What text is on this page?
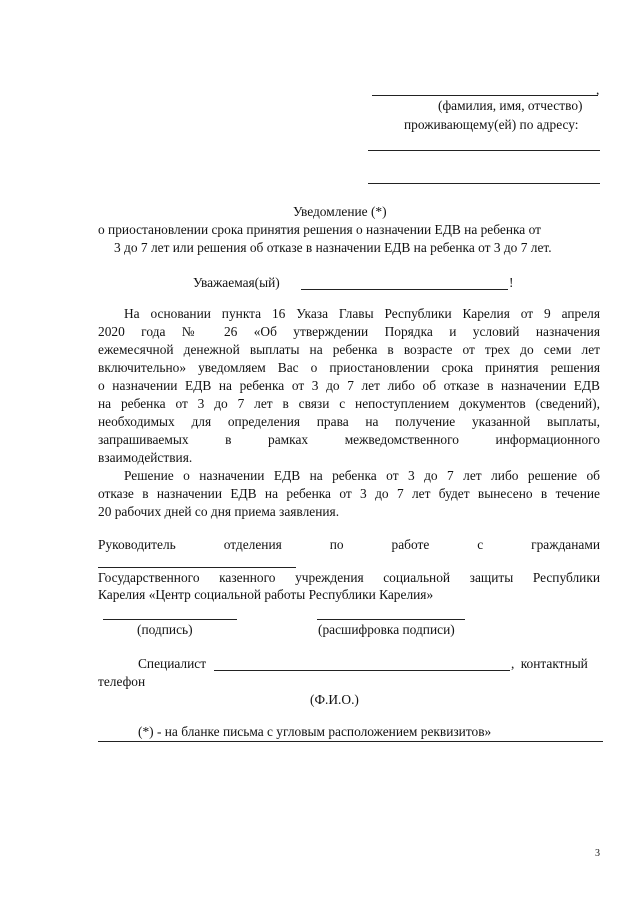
,
(фамилия, имя, отчество)
проживающему(ей) по адресу:
Уведомление (*)
о приостановлении срока принятия решения о назначении ЕДВ на ребенка от
3 до 7 лет или решения об отказе в назначении ЕДВ на ребенка от 3 до 7 лет.
Уважаемая(ый)	!
На основании пункта 16 Указа Главы Республики Карелия от 9 апреля
2020 года № 26 «Об утверждении Порядка и условий назначения
ежемесячной денежной выплаты на ребенка в возрасте от трех до семи лет
включительно» уведомляем Вас о приостановлении срока принятия решения
о назначении ЕДВ на ребенка от 3 до 7 лет либо об отказе в назначении ЕДВ
на ребенка от 3 до 7 лет в связи с непоступлением документов (сведений),
необходимых для определения права на получение указанной выплаты,
запрашиваемых в рамках межведомственного информационного
взаимодействия.
Решение о назначении ЕДВ на ребенка от 3 до 7 лет либо решение об
отказе в назначении ЕДВ на ребенка от 3 до 7 лет будет вынесено в течение
20 рабочих дней со дня приема заявления.
Руководитель отделения по работе с гражданами
Государственного казенного учреждения социальной защиты Республики
Карелия «Центр социальной работы Республики Карелия»
(подпись)	(расшифровка подписи)
Специалист	, контактный
телефон
(Ф.И.О.)
(*) - на бланке письма с угловым расположением реквизитов»
3
